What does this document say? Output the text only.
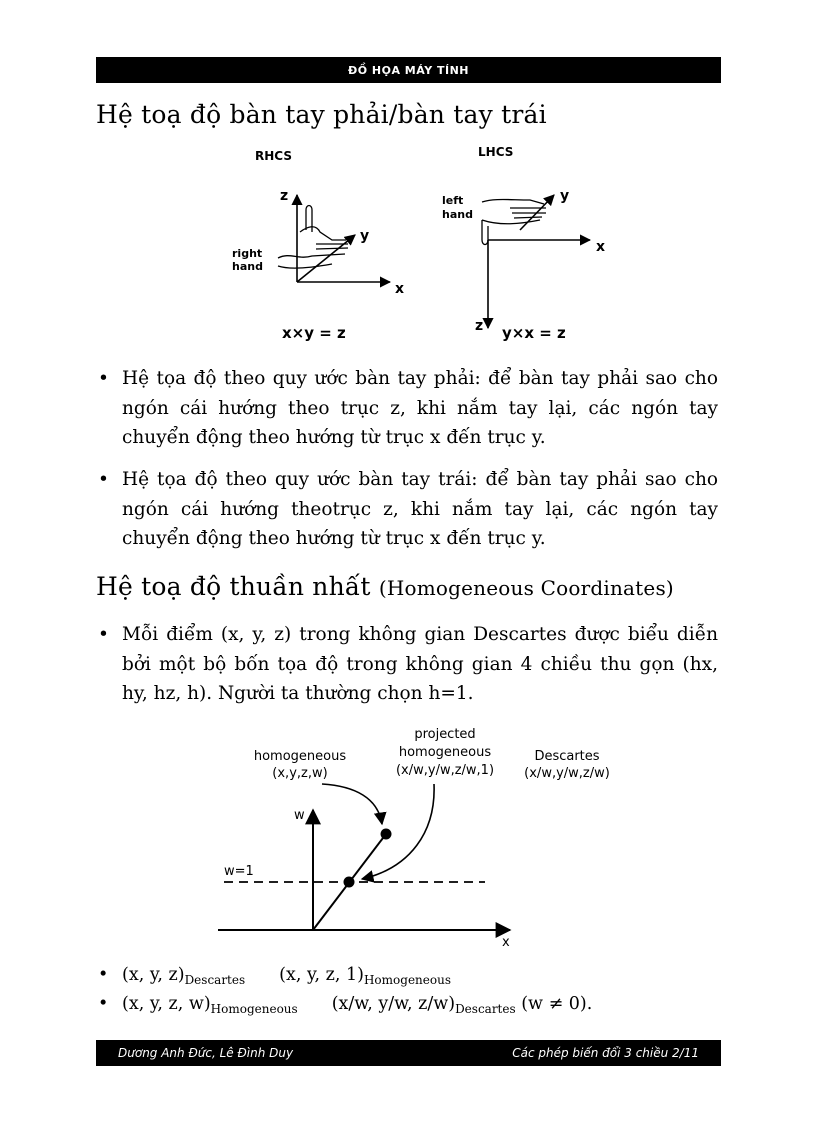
ĐỒ HỌA MÁY TÍNH
Hệ toạ độ bàn tay phải/bàn tay trái
RHCS
z
x
y
right
hand
x×y = z
LHCS
x
y
z
left
hand
y×x = z

• Hệ tọa độ theo quy ước bàn tay phải: để bàn tay phải sao cho ngón cái hướng theo trục z, khi nắm tay lại, các ngón tay chuyển động theo hướng từ trục x đến trục y.

• Hệ tọa độ theo quy ước bàn tay trái: để bàn tay phải sao cho ngón cái hướng theotrục z, khi nắm tay lại, các ngón tay chuyển động theo hướng từ trục x đến trục y.

Hệ toạ độ thuần nhất (Homogeneous Coordinates)

• Mỗi điểm (x, y, z) trong không gian Descartes được biểu diễn bởi một bộ bốn tọa độ trong không gian 4 chiều thu gọn (hx, hy, hz, h). Người ta thường chọn h=1.

homogeneous
(x,y,z,w)
projected
homogeneous
(x/w,y/w,z/w,1)
Descartes
(x/w,y/w,z/w)
w
x
w=1
• (x, y, $z)_{Descartes}$ (x, y, z, $1)_{Homogeneous}$
• (x, y, z, $w)_{Homogeneous}$ (x/w, y/w, $z/w)_{Descartes}$ (w ≠ 0).
Dương Anh Đức, Lê Đình Duy	Các phép biến đổi 3 chiều 2/11
